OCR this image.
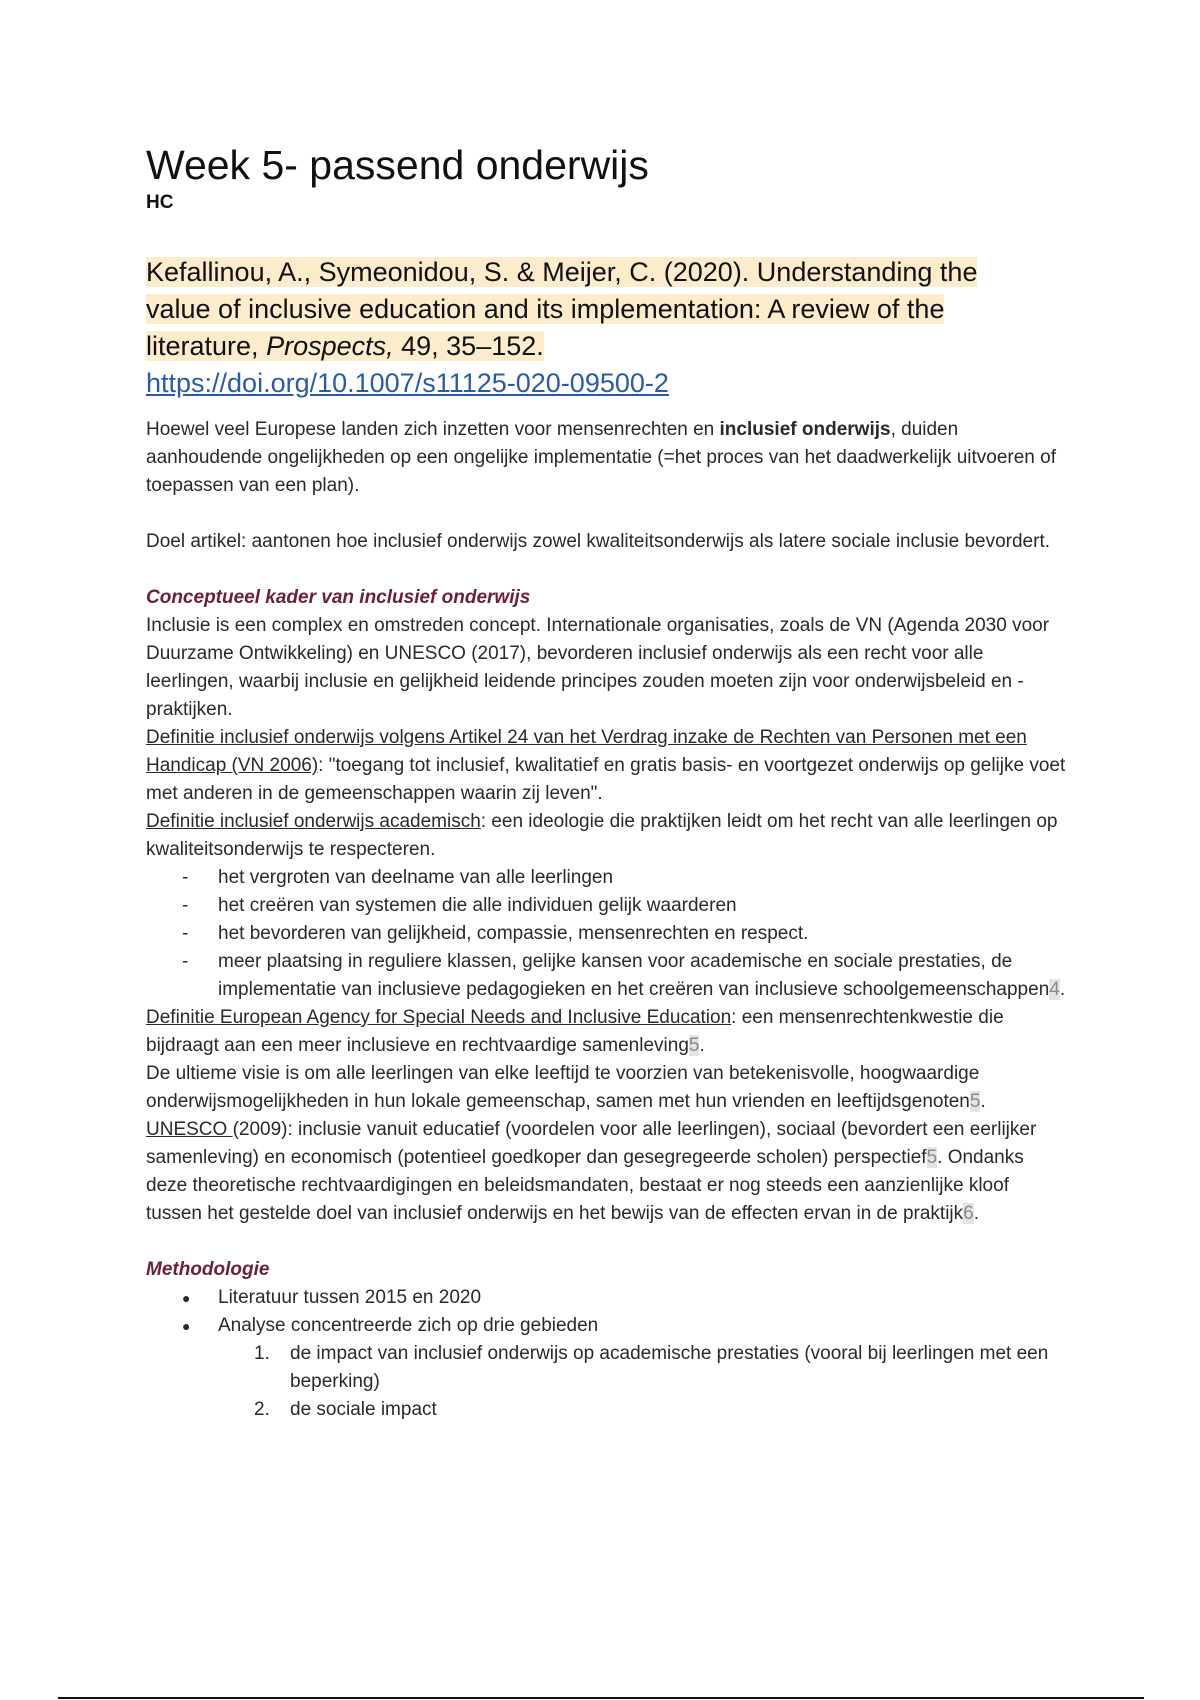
Week 5- passend onderwijs
HC
Kefallinou, A., Symeonidou, S. & Meijer, C. (2020). Understanding the
value of inclusive education and its implementation: A review of the
literature, Prospects, 49, 35–152.
https://doi.org/10.1007/s11125-020-09500-2

Hoewel veel Europese landen zich inzetten voor mensenrechten en inclusief onderwijs, duiden aanhoudende ongelijkheden op een ongelijke implementatie (=het proces van het daadwerkelijk uitvoeren of toepassen van een plan).

Doel artikel: aantonen hoe inclusief onderwijs zowel kwaliteitsonderwijs als latere sociale inclusie bevordert.

Conceptueel kader van inclusief onderwijs

Inclusie is een complex en omstreden concept. Internationale organisaties, zoals de VN (Agenda 2030 voor Duurzame Ontwikkeling) en UNESCO (2017), bevorderen inclusief onderwijs als een recht voor alle leerlingen, waarbij inclusie en gelijkheid leidende principes zouden moeten zijn voor onderwijsbeleid en -praktijken.

Definitie inclusief onderwijs volgens Artikel 24 van het Verdrag inzake de Rechten van Personen met een Handicap (VN 2006): "toegang tot inclusief, kwalitatief en gratis basis- en voortgezet onderwijs op gelijke voet met anderen in de gemeenschappen waarin zij leven".

Definitie inclusief onderwijs academisch: een ideologie die praktijken leidt om het recht van alle leerlingen op kwaliteitsonderwijs te respecteren.

- het vergroten van deelname van alle leerlingen
- het creëren van systemen die alle individuen gelijk waarderen
- het bevorderen van gelijkheid, compassie, mensenrechten en respect.
- meer plaatsing in reguliere klassen, gelijke kansen voor academische en sociale prestaties, de implementatie van inclusieve pedagogieken en het creëren van inclusieve schoolgemeenschappen4.

Definitie European Agency for Special Needs and Inclusive Education: een mensenrechtenkwestie die bijdraagt aan een meer inclusieve en rechtvaardige samenleving5.

De ultieme visie is om alle leerlingen van elke leeftijd te voorzien van betekenisvolle, hoogwaardige onderwijsmogelijkheden in hun lokale gemeenschap, samen met hun vrienden en leeftijdsgenoten5.

UNESCO (2009): inclusie vanuit educatief (voordelen voor alle leerlingen), sociaal (bevordert een eerlijker samenleving) en economisch (potentieel goedkoper dan gesegregeerde scholen) perspectief5. Ondanks deze theoretische rechtvaardigingen en beleidsmandaten, bestaat er nog steeds een aanzienlijke kloof tussen het gestelde doel van inclusief onderwijs en het bewijs van de effecten ervan in de praktijk6.

Methodologie

● Literatuur tussen 2015 en 2020
● Analyse concentreerde zich op drie gebieden
1. de impact van inclusief onderwijs op academische prestaties (vooral bij leerlingen met een beperking)
2. de sociale impact
